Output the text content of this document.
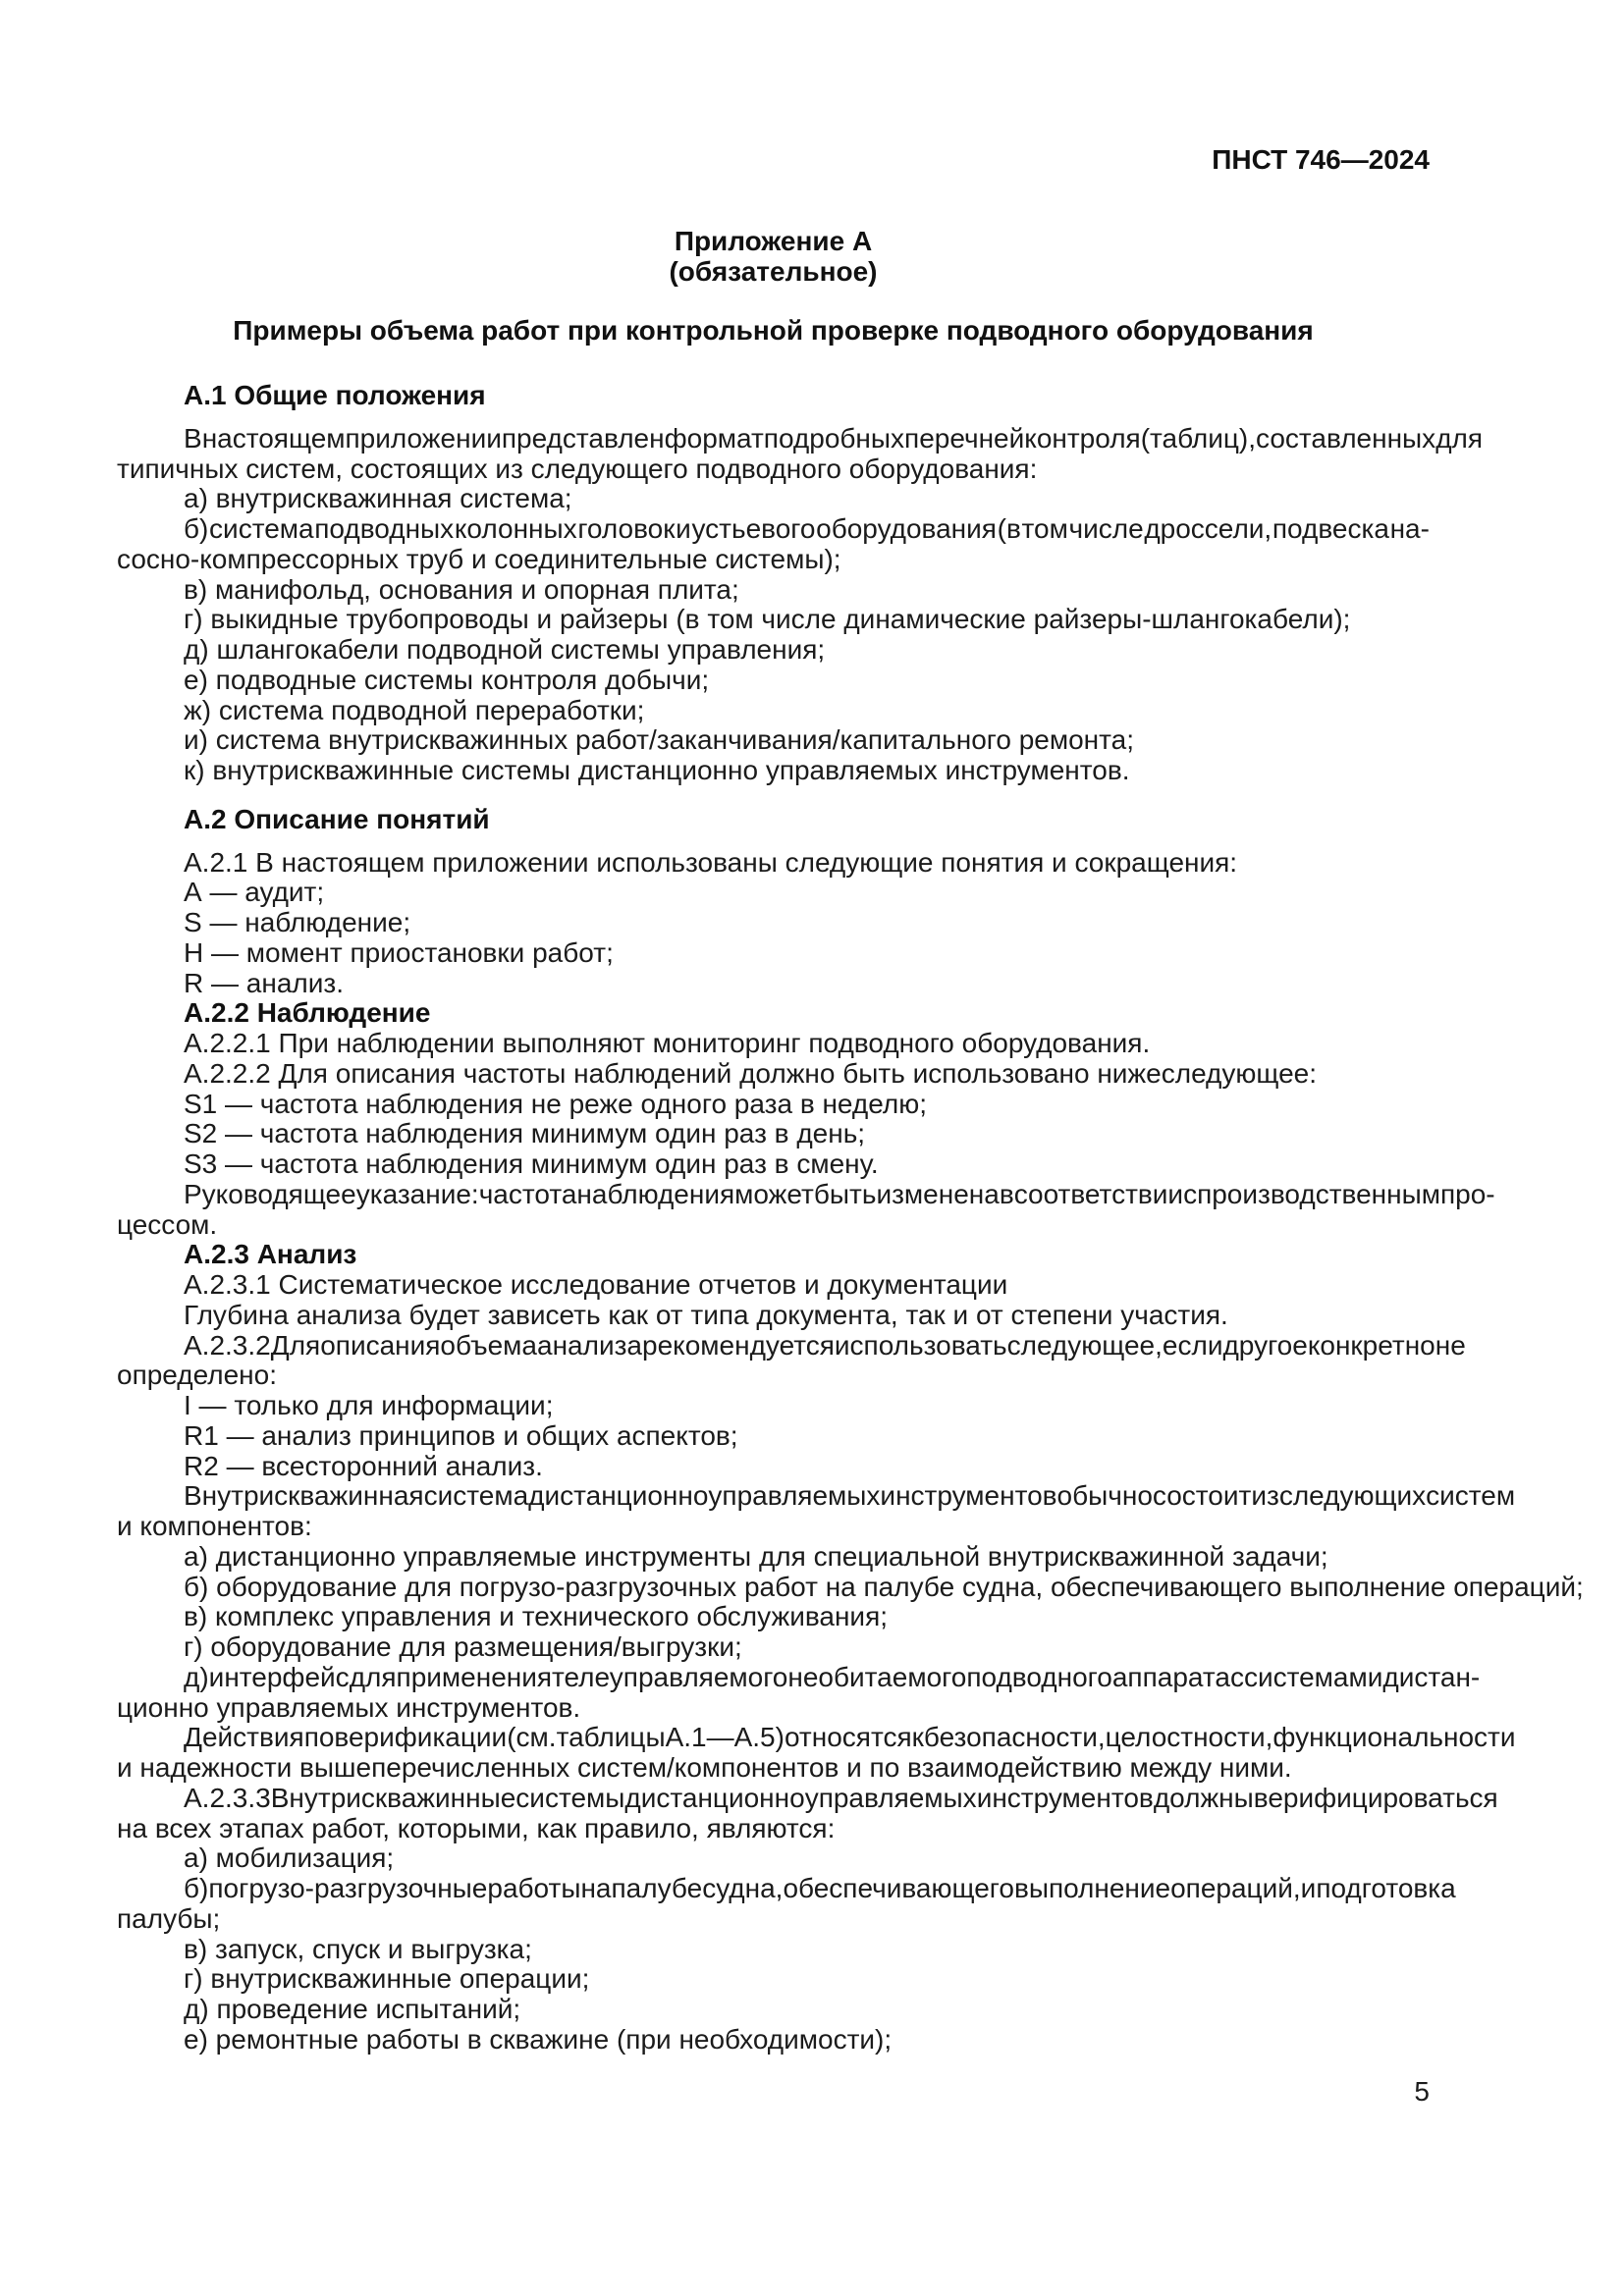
ПНСТ 746—2024
Приложение А
(обязательное)
Примеры объема работ при контрольной проверке подводного оборудования
А.1 Общие положения
В настоящем приложении представлен формат подробных перечней контроля (таблиц), составленных для
типичных систем, состоящих из следующего подводного оборудования:
а) внутрискважинная система;
б) система подводных колонных головок и устьевого оборудования (в том числе дроссели, подвеска на-
сосно-компрессорных труб и соединительные системы);
в) манифольд, основания и опорная плита;
г) выкидные трубопроводы и райзеры (в том числе динамические райзеры-шлангокабели);
д) шлангокабели подводной системы управления;
е) подводные системы контроля добычи;
ж) система подводной переработки;
и) система внутрискважинных работ/заканчивания/капитального ремонта;
к) внутрискважинные системы дистанционно управляемых инструментов.
А.2 Описание понятий
А.2.1 В настоящем приложении использованы следующие понятия и сокращения:
А — аудит;
S — наблюдение;
H — момент приостановки работ;
R — анализ.
А.2.2 Наблюдение
А.2.2.1 При наблюдении выполняют мониторинг подводного оборудования.
А.2.2.2 Для описания частоты наблюдений должно быть использовано нижеследующее:
S1 — частота наблюдения не реже одного раза в неделю;
S2 — частота наблюдения минимум один раз в день;
S3 — частота наблюдения минимум один раз в смену.
Руководящее указание: частота наблюдения может быть изменена в соответствии с производственным про-
цессом.
А.2.3 Анализ
А.2.3.1 Систематическое исследование отчетов и документации
Глубина анализа будет зависеть как от типа документа, так и от степени участия.
А.2.3.2 Для описания объема анализа рекомендуется использовать следующее, если другое конкретно не
определено:
I — только для информации;
R1 — анализ принципов и общих аспектов;
R2 — всесторонний анализ.
Внутрискважинная система дистанционно управляемых инструментов обычно состоит из следующих систем
и компонентов:
а) дистанционно управляемые инструменты для специальной внутрискважинной задачи;
б) оборудование для погрузо-разгрузочных работ на палубе судна, обеспечивающего выполнение операций;
в) комплекс управления и технического обслуживания;
г) оборудование для размещения/выгрузки;
д) интерфейс для применения телеуправляемого необитаемого подводного аппарата с системами дистан-
ционно управляемых инструментов.
Действия по верификации (см. таблицы А.1—А.5) относятся к безопасности, целостности, функциональности
и надежности вышеперечисленных систем/компонентов и по взаимодействию между ними.
А.2.3.3 Внутрискважинные системы дистанционно управляемых инструментов должны верифицироваться
на всех этапах работ, которыми, как правило, являются:
а) мобилизация;
б) погрузо-разгрузочные работы на палубе судна, обеспечивающего выполнение операций, и подготовка
палубы;
в) запуск, спуск и выгрузка;
г) внутрискважинные операции;
д) проведение испытаний;
е) ремонтные работы в скважине (при необходимости);
5
